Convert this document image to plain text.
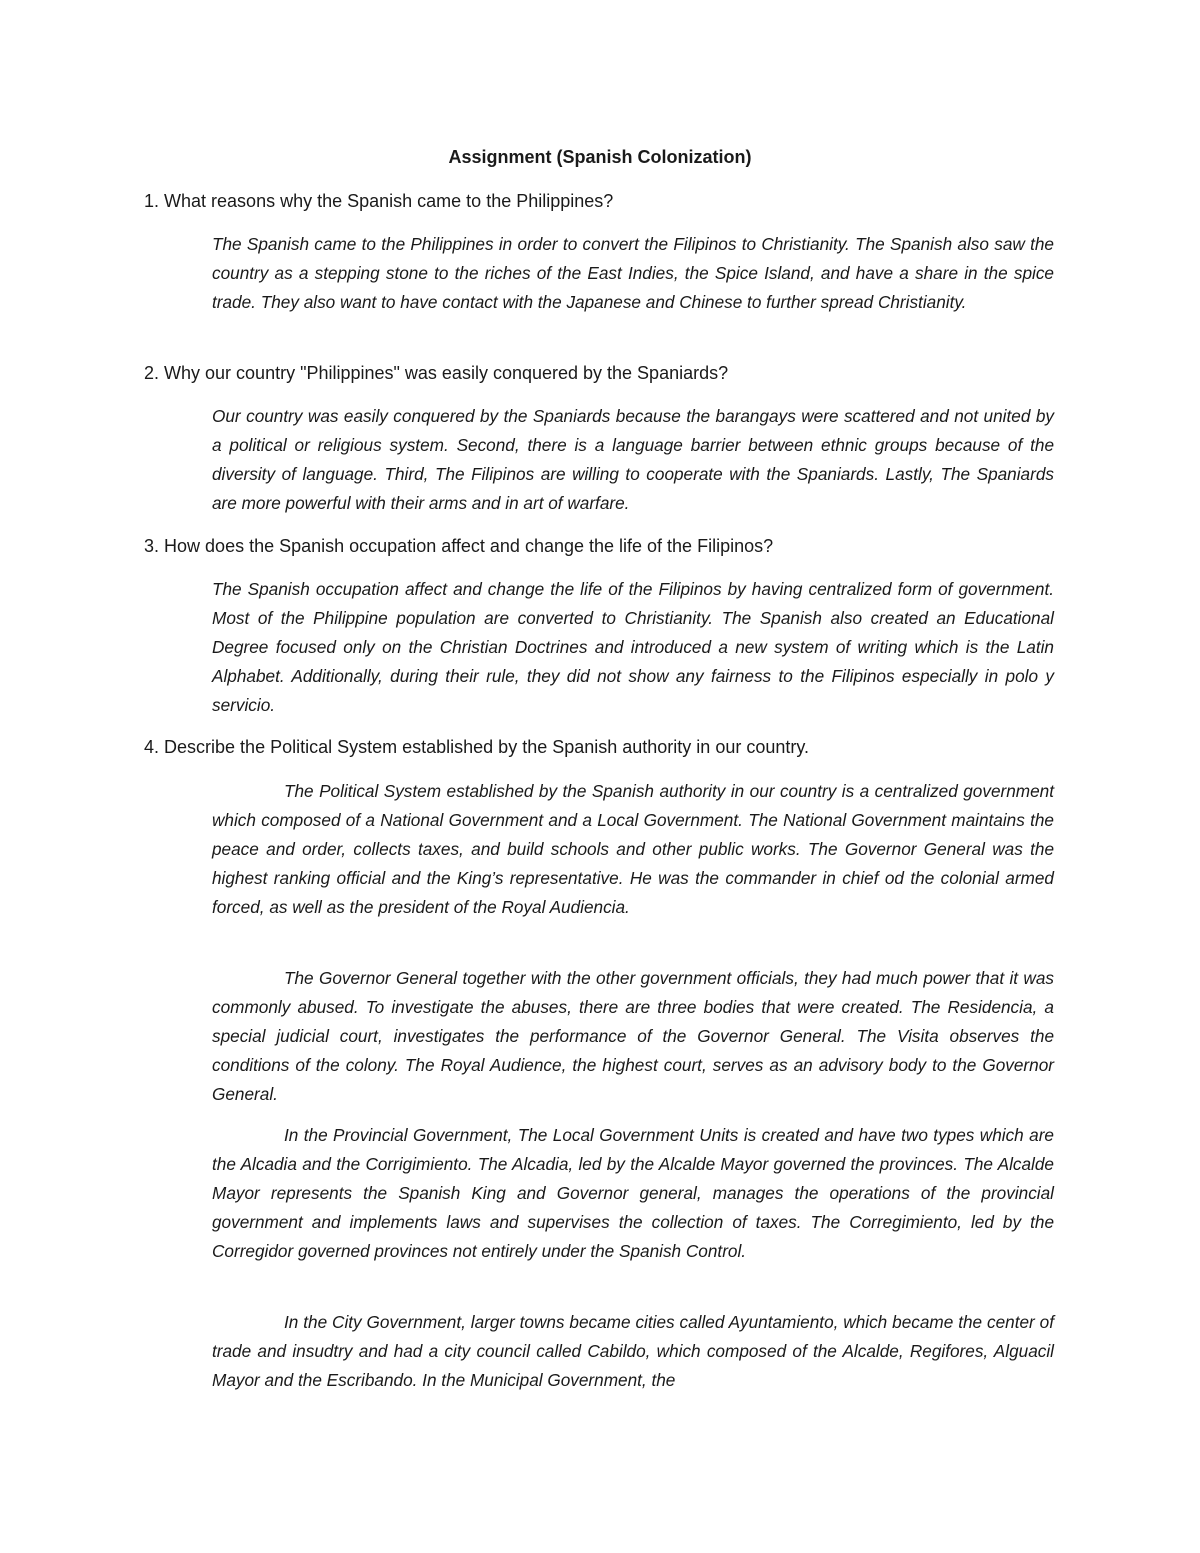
Assignment (Spanish Colonization)
1. What reasons why the Spanish came to the Philippines?
The Spanish came to the Philippines in order to convert the Filipinos to Christianity. The Spanish also saw the country as a stepping stone to the riches of the East Indies, the Spice Island, and have a share in the spice trade. They also want to have contact with the Japanese and Chinese to further spread Christianity.
2. Why our country "Philippines" was easily conquered by the Spaniards?
Our country was easily conquered by the Spaniards because the barangays were scattered and not united by a political or religious system. Second, there is a language barrier between ethnic groups because of the diversity of language. Third, The Filipinos are willing to cooperate with the Spaniards. Lastly, The Spaniards are more powerful with their arms and in art of warfare.
3. How does the Spanish occupation affect and change the life of the Filipinos?
The Spanish occupation affect and change the life of the Filipinos by having centralized form of government. Most of the Philippine population are converted to Christianity. The Spanish also created an Educational Degree focused only on the Christian Doctrines and introduced a new system of writing which is the Latin Alphabet. Additionally, during their rule, they did not show any fairness to the Filipinos especially in polo y servicio.
4. Describe the Political System established by the Spanish authority in our country.
The Political System established by the Spanish authority in our country is a centralized government which composed of a National Government and a Local Government. The National Government maintains the peace and order, collects taxes, and build schools and other public works. The Governor General was the highest ranking official and the King’s representative. He was the commander in chief od the colonial armed forced, as well as the president of the Royal Audiencia.
The Governor General together with the other government officials, they had much power that it was commonly abused. To investigate the abuses, there are three bodies that were created. The Residencia, a special judicial court, investigates the performance of the Governor General. The Visita observes the conditions of the colony. The Royal Audience, the highest court, serves as an advisory body to the Governor General.
In the Provincial Government, The Local Government Units is created and have two types which are the Alcadia and the Corrigimiento. The Alcadia, led by the Alcalde Mayor governed the provinces. The Alcalde Mayor represents the Spanish King and Governor general, manages the operations of the provincial government and implements laws and supervises the collection of taxes. The Corregimiento, led by the Corregidor governed provinces not entirely under the Spanish Control.
In the City Government, larger towns became cities called Ayuntamiento, which became the center of trade and insudtry and had a city council called Cabildo, which composed of the Alcalde, Regifores, Alguacil Mayor and the Escribando. In the Municipal Government, the
